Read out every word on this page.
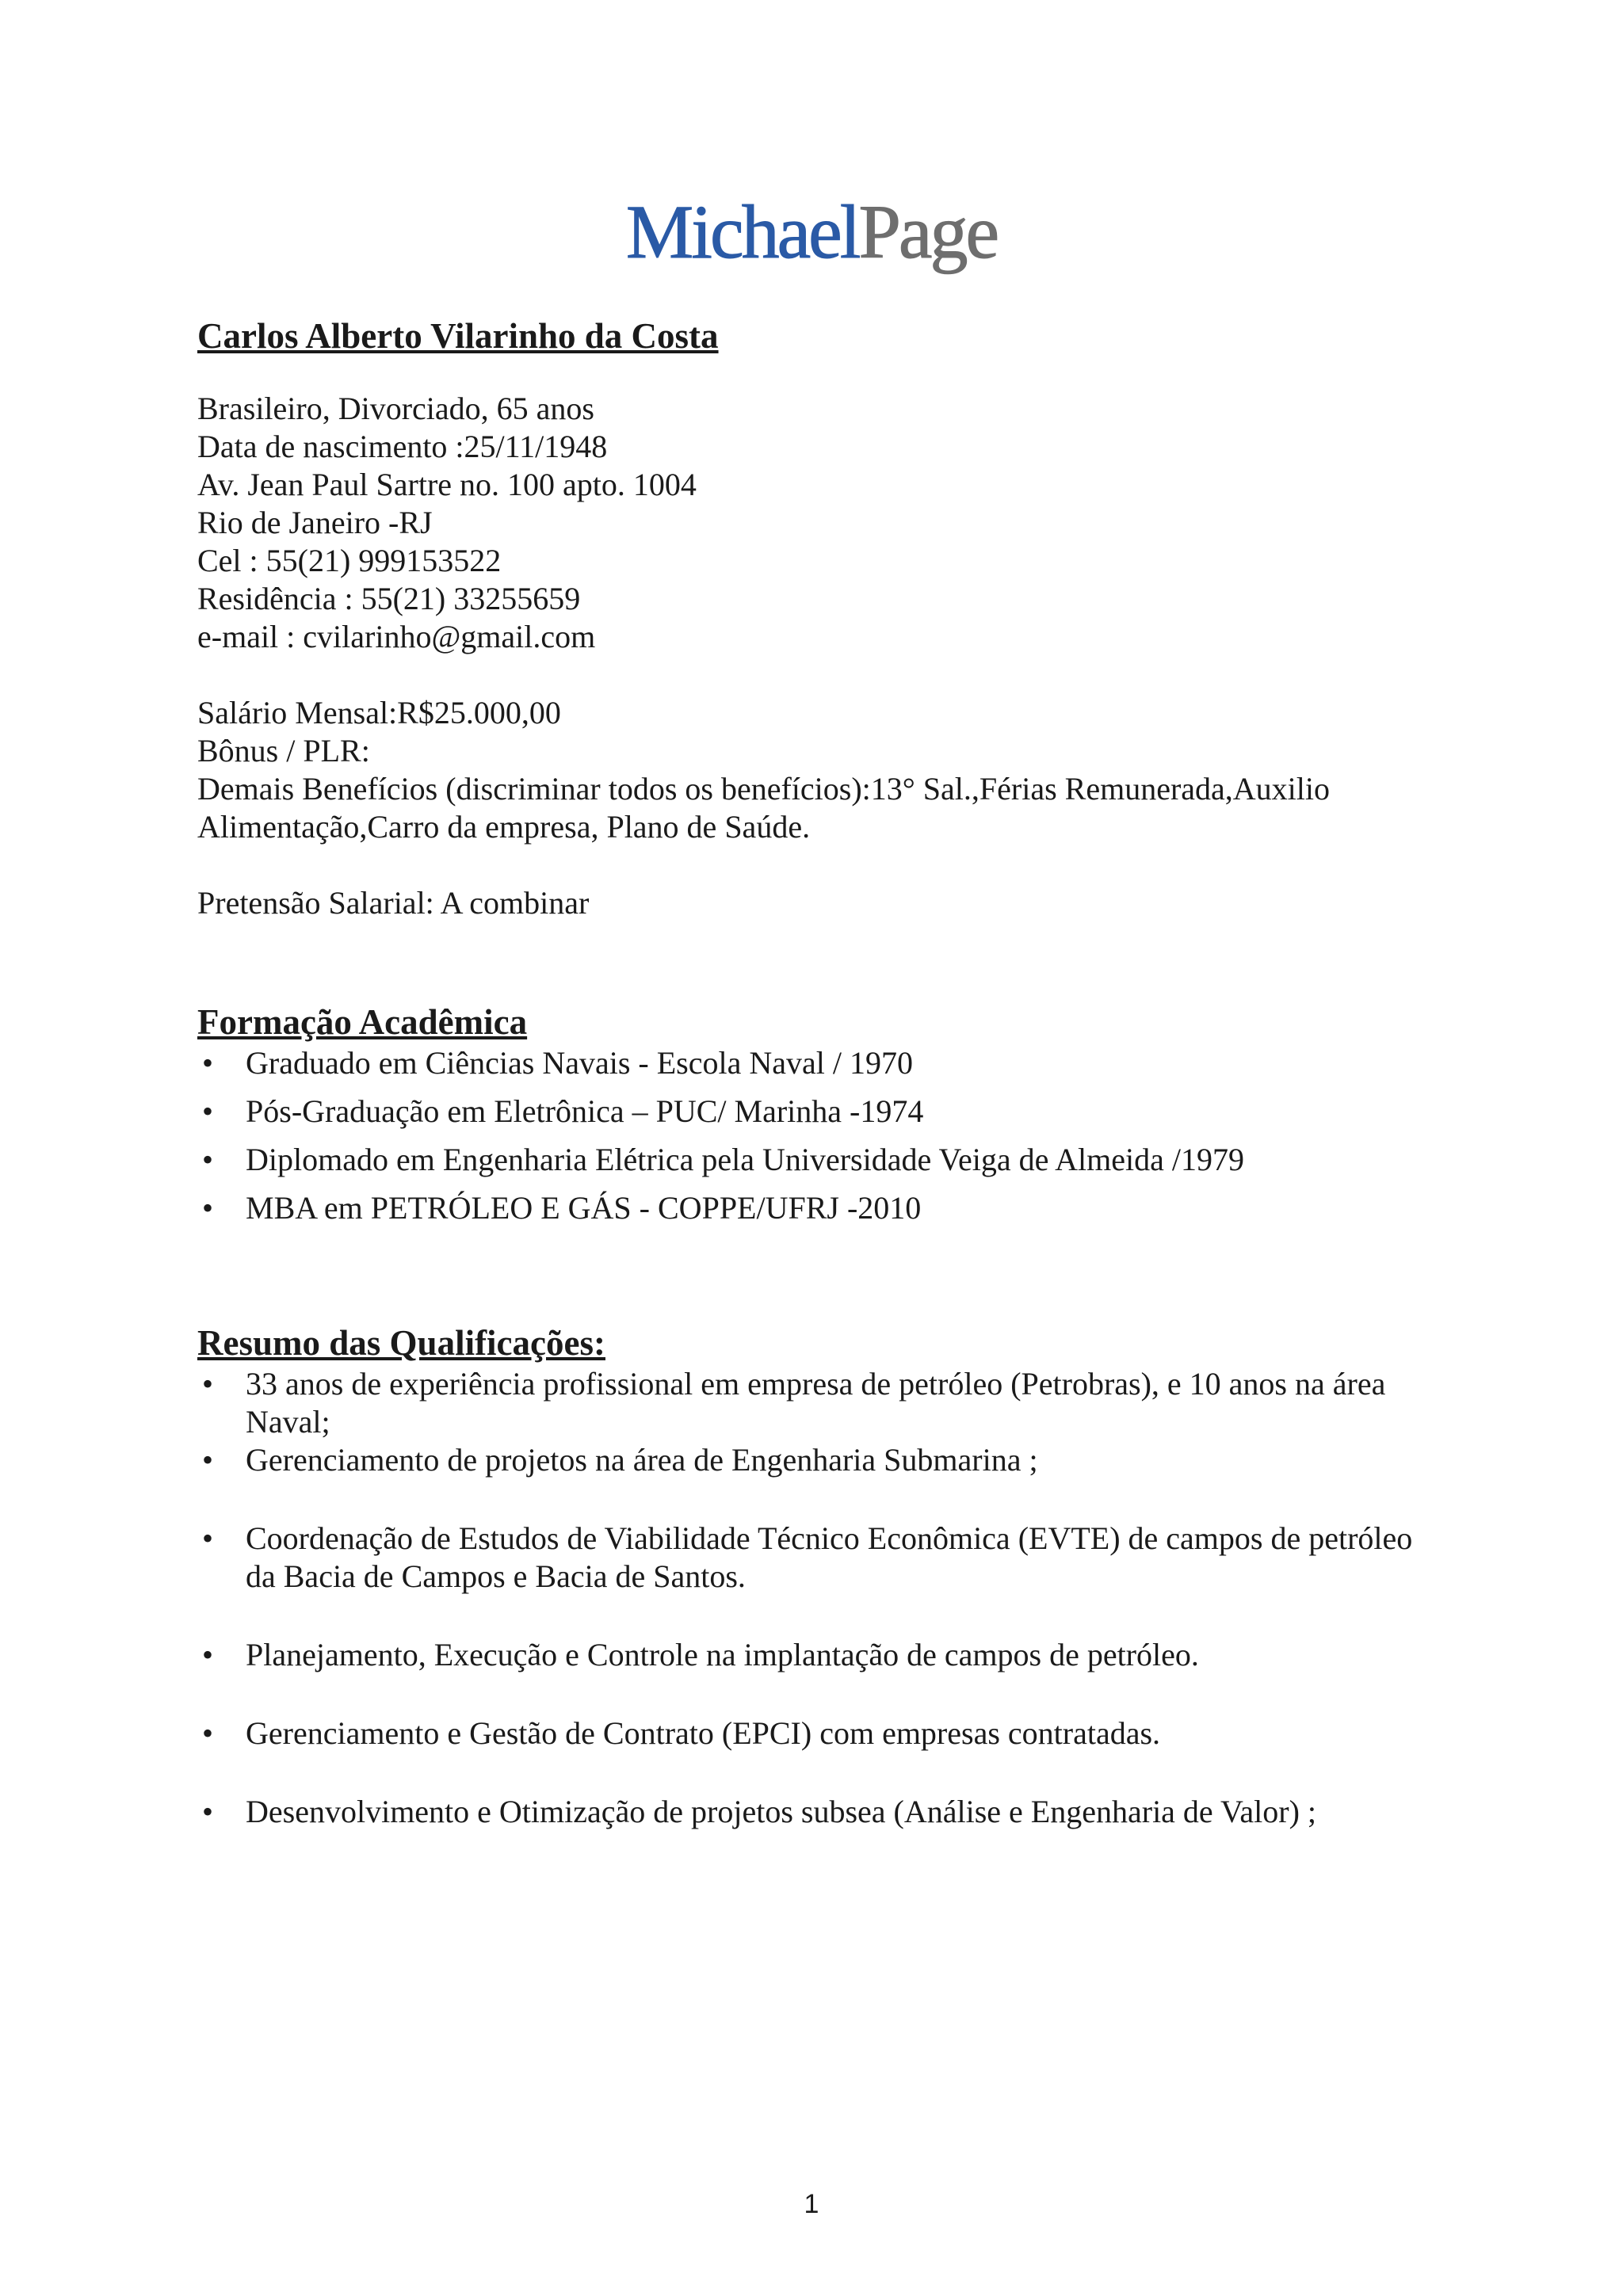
MichaelPage
Carlos Alberto Vilarinho da Costa

Brasileiro, Divorciado, 65 anos

Data de nascimento :25/11/1948

Av. Jean Paul Sartre no. 100 apto. 1004

Rio de Janeiro -RJ

Cel : 55(21) 999153522

Residência : 55(21) 33255659

e-mail : cvilarinho@gmail.com

Salário Mensal:R$25.000,00

Bônus / PLR:

Demais Benefícios (discriminar todos os benefícios):13° Sal.,Férias Remunerada,Auxilio

Alimentação,Carro da empresa, Plano de Saúde.

Pretensão Salarial: A combinar

Formação Acadêmica
• Graduado em Ciências Navais - Escola Naval / 1970
• Pós-Graduação em Eletrônica – PUC/ Marinha -1974
• Diplomado em Engenharia Elétrica pela Universidade Veiga de Almeida /1979
• MBA em PETRÓLEO E GÁS - COPPE/UFRJ -2010
Resumo das Qualificações:
• 33 anos de experiência profissional em empresa de petróleo (Petrobras), e 10 anos na área Naval;
• Gerenciamento de projetos na área de Engenharia Submarina ;
• Coordenação de Estudos de Viabilidade Técnico Econômica (EVTE) de campos de petróleo da Bacia de Campos e Bacia de Santos.
• Planejamento, Execução e Controle na implantação de campos de petróleo.
• Gerenciamento e Gestão de Contrato (EPCI) com empresas contratadas.
• Desenvolvimento e Otimização de projetos subsea (Análise e Engenharia de Valor) ;
1
